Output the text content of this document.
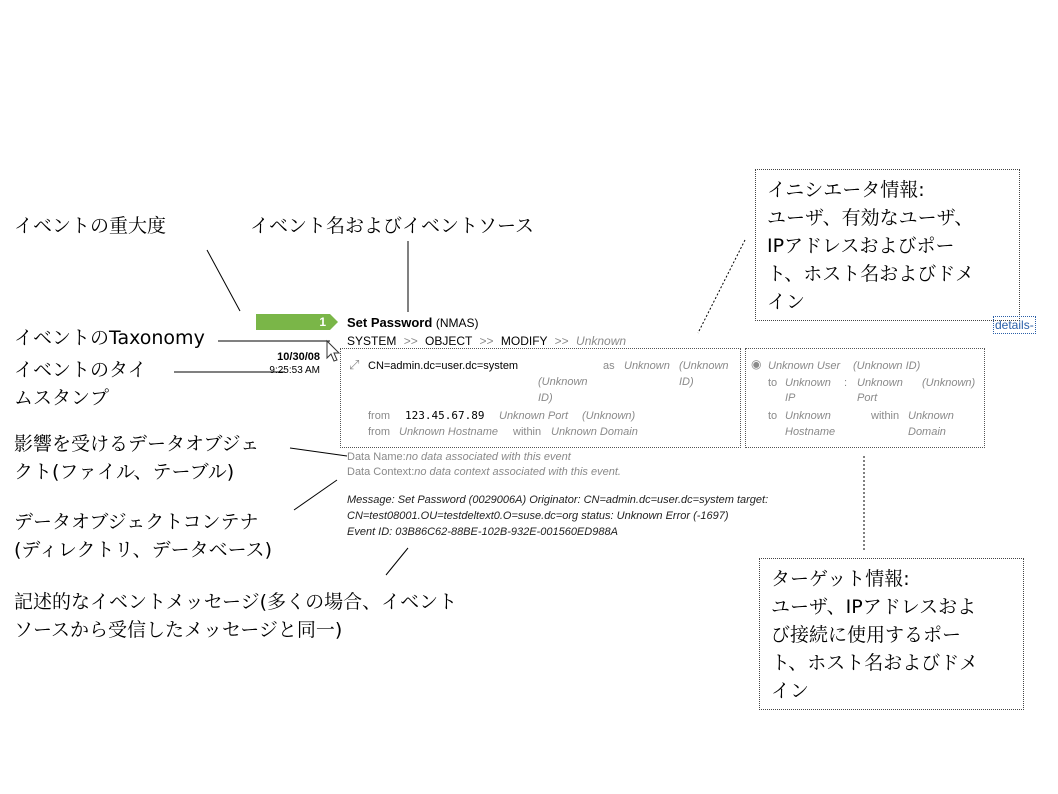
イベントの重大度	イベント名およびイベントソース
イベントのTaxonomy
イベントのタイ
ムスタンプ
影響を受けるデータオブジェ
クト(ファイル、テーブル)
データオブジェクトコンテナ
(ディレクトリ、データベース)
記述的なイベントメッセージ(多くの場合、イベント
ソースから受信したメッセージと同一)
イニシエータ情報:
ユーザ、有効なユーザ、
IPアドレスおよびポー
ト、ホスト名およびドメ
イン
ターゲット情報:
ユーザ、IPアドレスおよ
び接続に使用するポー
ト、ホスト名およびドメ
イン
1 Set Password (NMAS)
SYSTEM >> OBJECT >> MODIFY >> Unknown
details-
10/30/08
9:25:53 AM ⤢ CN=admin.dc=user.dc=system	as Unknown (Unknown
ID)
(Unknown
ID)
from 123.45.67.89 Unknown Port (Unknown)
from Unknown Hostname within Unknown Domain
◉ Unknown User (Unknown ID)
to Unknown
IP
: Unknown
Port
(Unknown)
to Unknown
Hostname
within Unknown
Domain
Data Name:no data associated with this event
Data Context:no data context associated with this event.
Message: Set Password (0029006A) Originator: CN=admin.dc=user.dc=system target:
CN=test08001.OU=testdeltext0.O=suse.dc=org status: Unknown Error (-1697)
Event ID: 03B86C62-88BE-102B-932E-001560ED988A
